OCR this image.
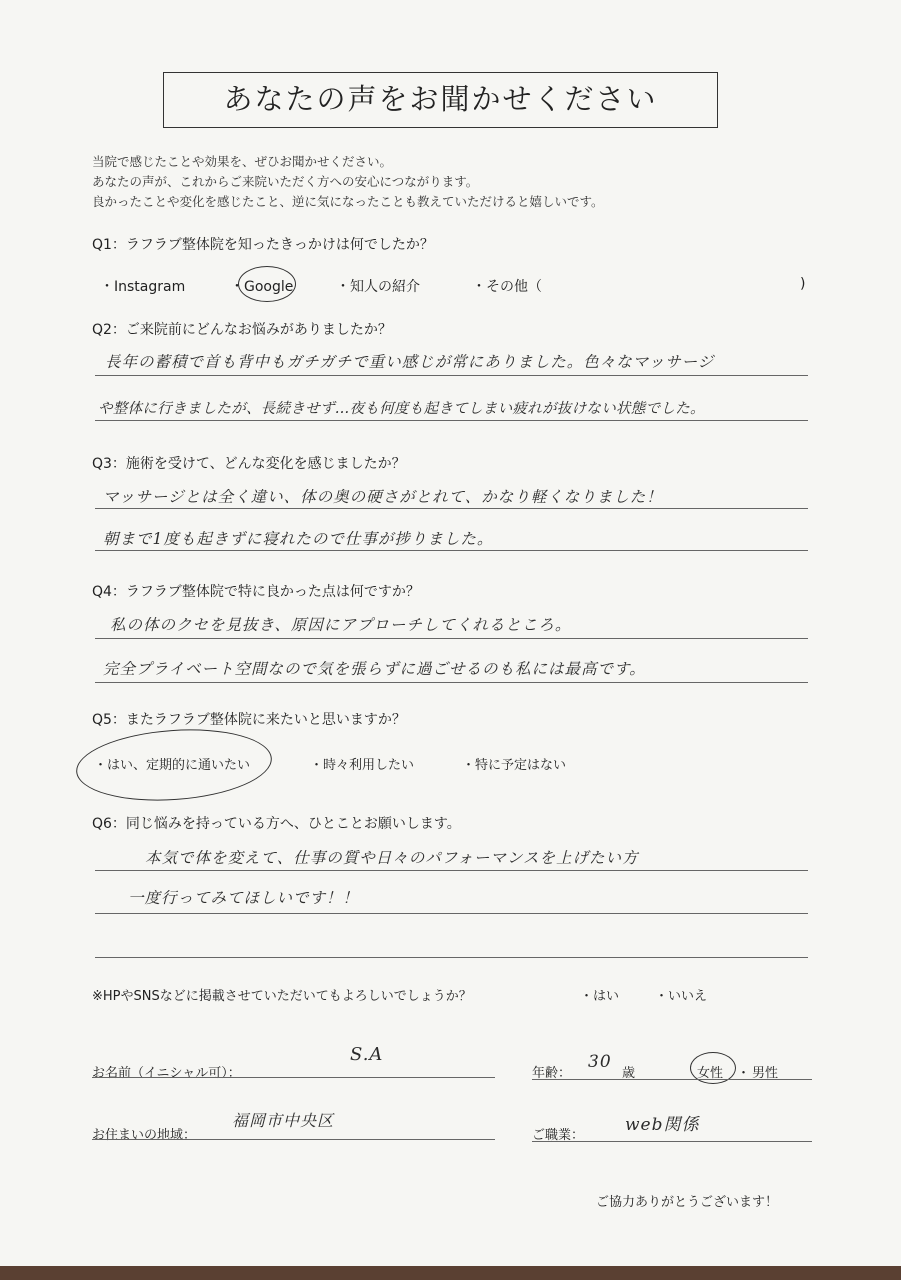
あなたの声をお聞かせください
当院で感じたことや効果を、ぜひお聞かせください。
あなたの声が、これからご来院いただく方への安心につながります。
良かったことや変化を感じたこと、逆に気になったことも教えていただけると嬉しいです。
Q1：ラフラブ整体院を知ったきっかけは何でしたか？
・Instagram	・Google	・知人の紹介	・その他（	)
Q2：ご来院前にどんなお悩みがありましたか？
長年の蓄積で首も背中もガチガチで重い感じが常にありました。色々なマッサージ
や整体に行きましたが、長続きせず…夜も何度も起きてしまい疲れが抜けない状態でした。
Q3：施術を受けて、どんな変化を感じましたか？
マッサージとは全く違い、体の奥の硬さがとれて、かなり軽くなりました！
朝まで1度も起きずに寝れたので仕事が捗りました。
Q4：ラフラブ整体院で特に良かった点は何ですか？
私の体のクセを見抜き、原因にアプローチしてくれるところ。
完全プライベート空間なので気を張らずに過ごせるのも私には最高です。
Q5：またラフラブ整体院に来たいと思いますか？
・はい、定期的に通いたい	・時々利用したい	・特に予定はない
Q6：同じ悩みを持っている方へ、ひとことお願いします。
本気で体を変えて、仕事の質や日々のパフォーマンスを上げたい方
一度行ってみてほしいです！！
※HPやSNSなどに掲載させていただいてもよろしいでしょうか？	・はい	・いいえ
お名前（イニシャル可）：
S.A
年齢：
30
歳	女性 ・ 男性
お住まいの地域：
福岡市中央区
ご職業：
web関係
ご協力ありがとうございます！
